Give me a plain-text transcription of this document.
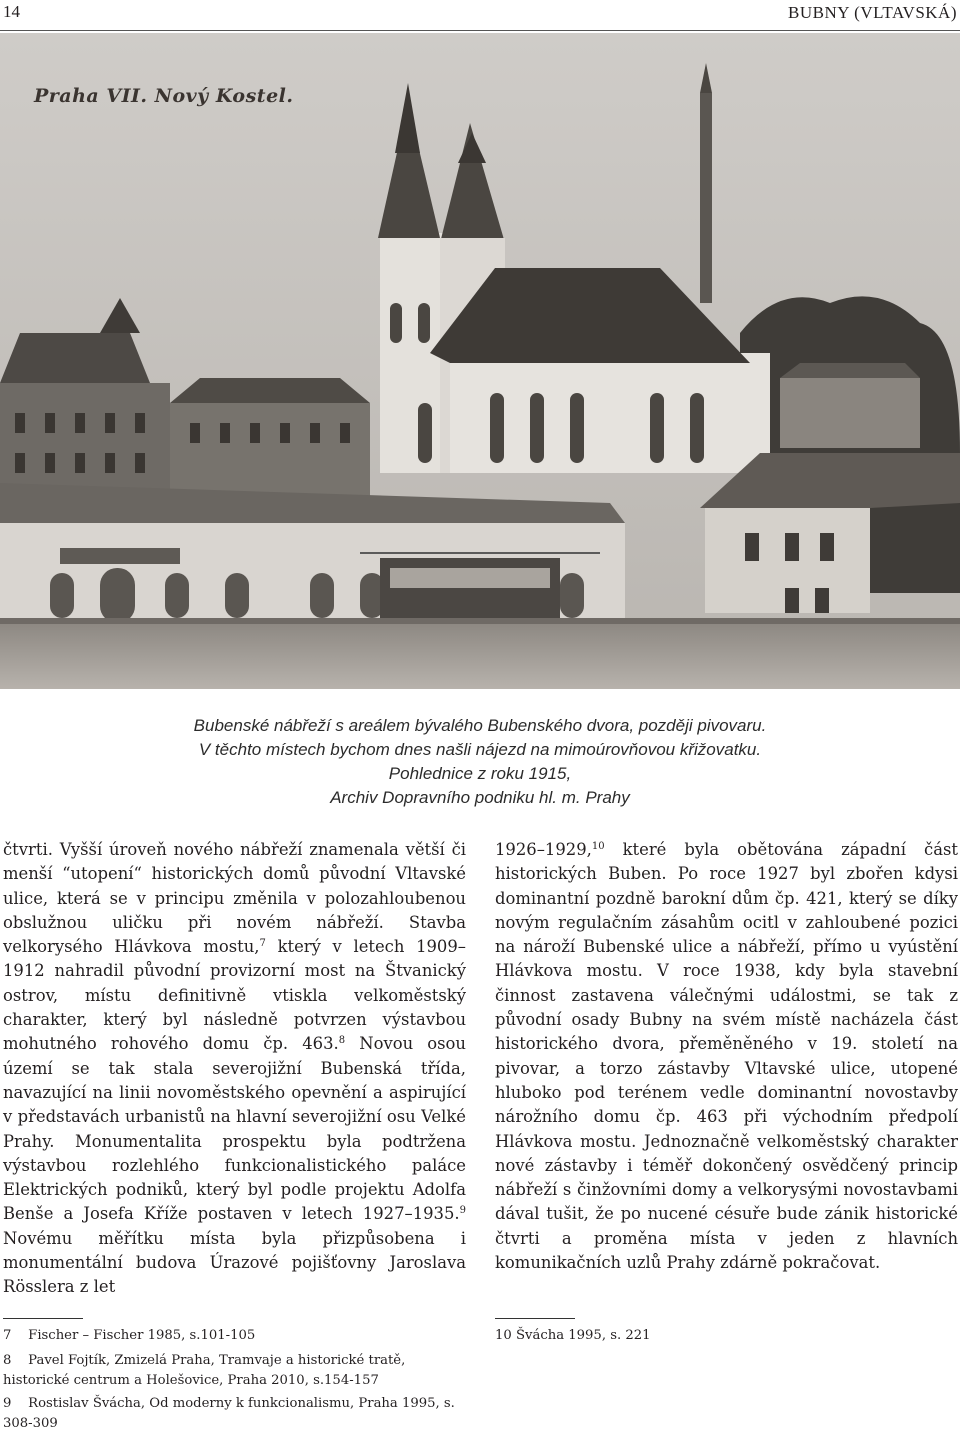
14	BUBNY (VLTAVSKÁ)
Praha VII. Nový Kostel.
Bubenské nábřeží s areálem bývalého Bubenského dvora, později pivovaru.
V těchto místech bychom dnes našli nájezd na mimoúrovňovou křižovatku.
Pohlednice z roku 1915,
Archiv Dopravního podniku hl. m. Prahy
čtvrti. Vyšší úroveň nového nábřeží znamenala větší či menší “utopení“ historických domů původní Vltavské ulice, která se v principu změnila v polozahloubenou obslužnou uličku při novém nábřeží. Stavba velkorysého Hlávkova mostu,$^7$ který v letech 1909–1912 nahradil původní provizorní most na Štvanický ostrov, místu definitivně vtiskla velkoměstský charakter, který byl následně potvrzen výstavbou mohutného rohového domu čp. 463.$^8$ Novou osou území se tak stala severojižní Bubenská třída, navazující na linii novoměstského opevnění a aspirující v představách urbanistů na hlavní severojižní osu Velké Prahy. Monumentalita prospektu byla podtržena výstavbou rozlehlého funkcionalistického paláce Elektrických podniků, který byl podle projektu Adolfa Benše a Josefa Kříže postaven v letech 1927–1935.$^9$ Novému měřítku místa byla přizpůsobena i monumentální budova Úrazové pojišťovny Jaroslava Rösslera z let
1926–1929,10 které byla obětována západní část historických Buben. Po roce 1927 byl zbořen kdysi dominantní pozdně barokní dům čp. 421, který se díky novým regulačním zásahům ocitl v zahloubené pozici na nároží Bubenské ulice a nábřeží, přímo u vyústění Hlávkova mostu. V roce 1938, kdy byla stavební činnost zastavena válečnými událostmi, se tak z původní osady Bubny na svém místě nacházela část historického dvora, přeměněného v 19. století na pivovar, a torzo zástavby Vltavské ulice, utopené hluboko pod terénem vedle dominantní novostavby nárožního domu čp. 463 při východním předpolí Hlávkova mostu. Jednoznačně velkoměstský charakter nové zástavby i téměř dokončený osvědčený princip nábřeží s činžovními domy a velkorysými novostavbami dával tušit, že po nucené césuře bude zánik historické čtvrti a proměna místa v jeden z hlavních komunikačních uzlů Prahy zdárně pokračovat.
7 Fischer – Fischer 1985, s.101-105
8 Pavel Fojtík, Zmizelá Praha, Tramvaje a historické tratě, historické centrum a Holešovice, Praha 2010, s.154-157
9 Rostislav Švácha, Od moderny k funkcionalismu, Praha 1995, s. 308-309
10 Švácha 1995, s. 221
